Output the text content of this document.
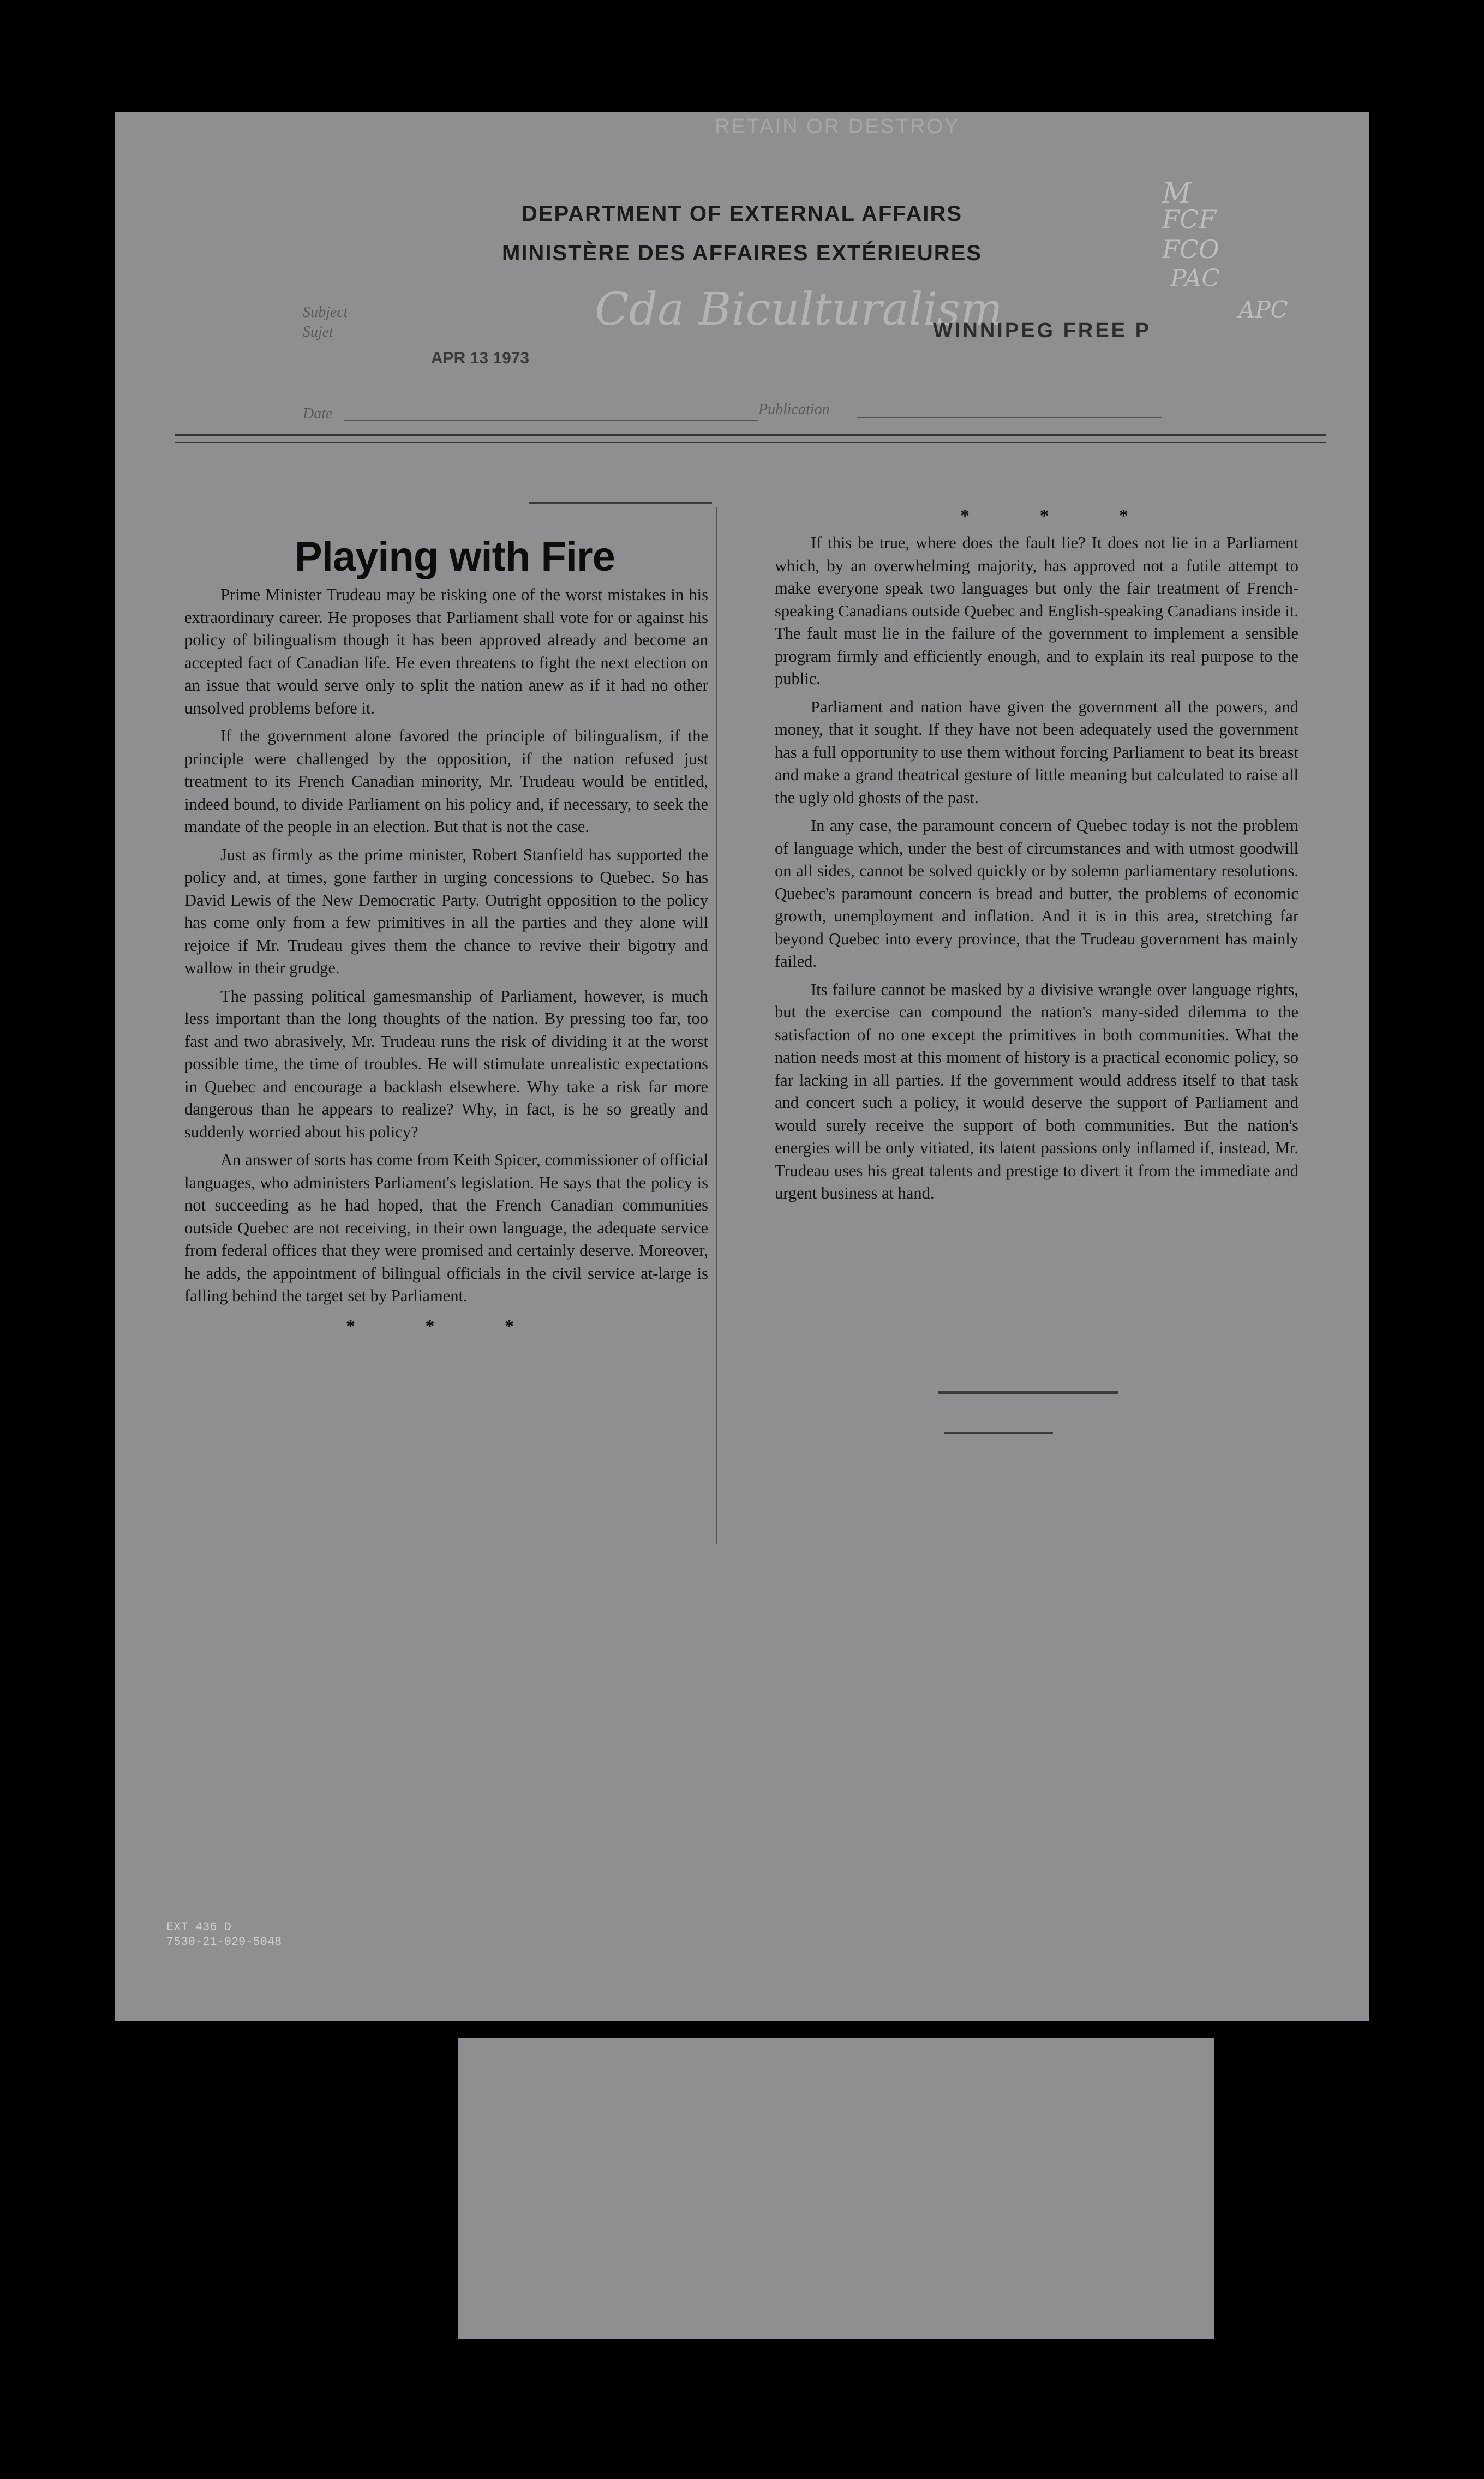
RETAIN OR DESTROY
DEPARTMENT OF EXTERNAL AFFAIRS
MINISTÈRE DES AFFAIRES EXTÉRIEURES
M
FCF
FCO
PAC
APC
Subject
Sujet	Cda Biculturalism
WINNIPEG FREE P
APR 13 1973
Date	Publication
Playing with Fire

Prime Minister Trudeau may be risking one of the worst mistakes in his extraordinary career. He proposes that Parliament shall vote for or against his policy of bilingualism though it has been approved already and become an accepted fact of Canadian life. He even threatens to fight the next election on an issue that would serve only to split the nation anew as if it had no other unsolved problems before it.

If the government alone favored the principle of bilingualism, if the principle were challenged by the opposition, if the nation refused just treatment to its French Canadian minority, Mr. Trudeau would be entitled, indeed bound, to divide Parliament on his policy and, if necessary, to seek the mandate of the people in an election. But that is not the case.

Just as firmly as the prime minister, Robert Stanfield has supported the policy and, at times, gone farther in urging concessions to Quebec. So has David Lewis of the New Democratic Party. Outright opposition to the policy has come only from a few primitives in all the parties and they alone will rejoice if Mr. Trudeau gives them the chance to revive their bigotry and wallow in their grudge.

The passing political gamesmanship of Parliament, however, is much less important than the long thoughts of the nation. By pressing too far, too fast and two abrasively, Mr. Trudeau runs the risk of dividing it at the worst possible time, the time of troubles. He will stimulate unrealistic expectations in Quebec and encourage a backlash elsewhere. Why take a risk far more dangerous than he appears to realize? Why, in fact, is he so greatly and suddenly worried about his policy?

An answer of sorts has come from Keith Spicer, commissioner of official languages, who administers Parliament's legislation. He says that the policy is not succeeding as he had hoped, that the French Canadian communities outside Quebec are not receiving, in their own language, the adequate service from federal offices that they were promised and certainly deserve. Moreover, he adds, the appointment of bilingual officials in the civil service at-large is falling behind the target set by Parliament.

* * *
* * *

If this be true, where does the fault lie? It does not lie in a Parliament which, by an overwhelming majority, has approved not a futile attempt to make everyone speak two languages but only the fair treatment of French-speaking Canadians outside Quebec and English-speaking Canadians inside it. The fault must lie in the failure of the government to implement a sensible program firmly and efficiently enough, and to explain its real purpose to the public.

Parliament and nation have given the government all the powers, and money, that it sought. If they have not been adequately used the government has a full opportunity to use them without forcing Parliament to beat its breast and make a grand theatrical gesture of little meaning but calculated to raise all the ugly old ghosts of the past.

In any case, the paramount concern of Quebec today is not the problem of language which, under the best of circumstances and with utmost goodwill on all sides, cannot be solved quickly or by solemn parliamentary resolutions. Quebec's paramount concern is bread and butter, the problems of economic growth, unemployment and inflation. And it is in this area, stretching far beyond Quebec into every province, that the Trudeau government has mainly failed.

Its failure cannot be masked by a divisive wrangle over language rights, but the exercise can compound the nation's many-sided dilemma to the satisfaction of no one except the primitives in both communities. What the nation needs most at this moment of history is a practical economic policy, so far lacking in all parties. If the government would address itself to that task and concert such a policy, it would deserve the support of Parliament and would surely receive the support of both communities. But the nation's energies will be only vitiated, its latent passions only inflamed if, instead, Mr. Trudeau uses his great talents and prestige to divert it from the immediate and urgent business at hand.

EXT 436 D
7530-21-029-5048
